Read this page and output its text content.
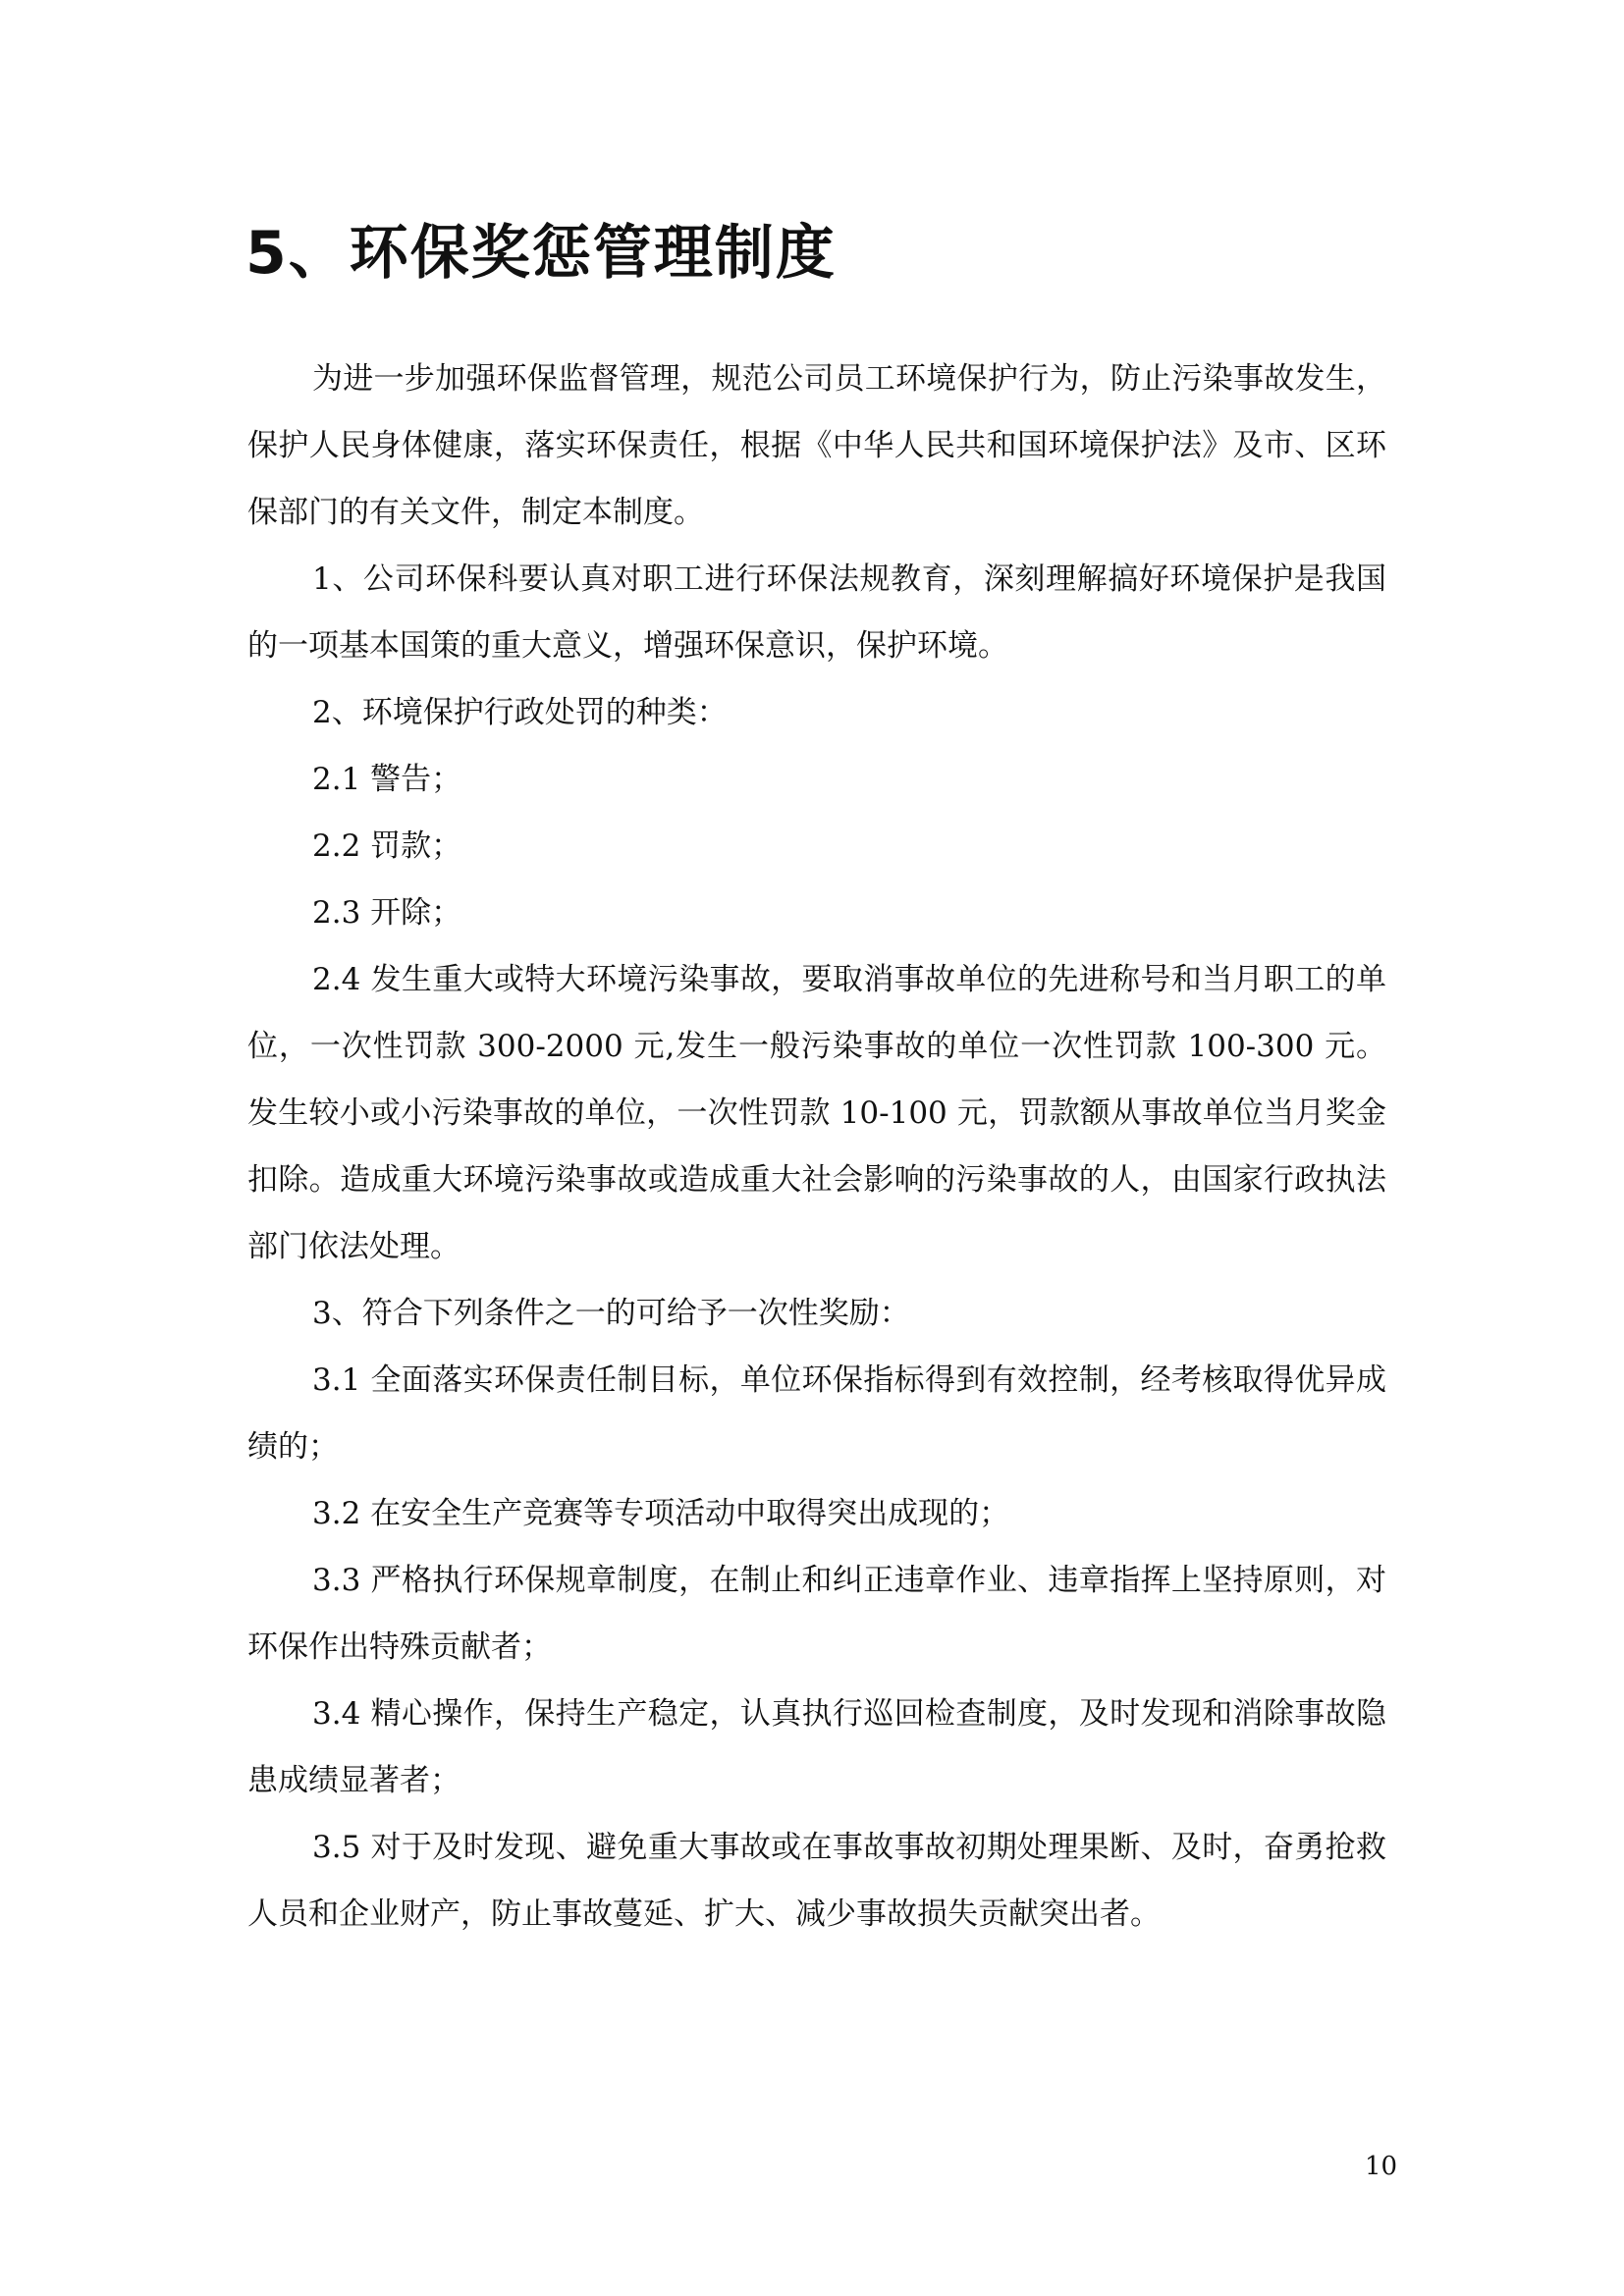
5、环保奖惩管理制度

为进一步加强环保监督管理，规范公司员工环境保护行为，防止污染事故发生，保护人民身体健康，落实环保责任，根据《中华人民共和国环境保护法》及市、区环保部门的有关文件，制定本制度。

1、公司环保科要认真对职工进行环保法规教育，深刻理解搞好环境保护是我国的一项基本国策的重大意义，增强环保意识，保护环境。

2、环境保护行政处罚的种类：

2.1 警告；

2.2 罚款；

2.3 开除；

2.4 发生重大或特大环境污染事故，要取消事故单位的先进称号和当月职工的单位，一次性罚款 300-2000 元,发生一般污染事故的单位一次性罚款 100-300 元。发生较小或小污染事故的单位，一次性罚款 10-100 元，罚款额从事故单位当月奖金扣除。造成重大环境污染事故或造成重大社会影响的污染事故的人，由国家行政执法部门依法处理。

3、符合下列条件之一的可给予一次性奖励：

3.1 全面落实环保责任制目标，单位环保指标得到有效控制，经考核取得优异成绩的；

3.2 在安全生产竞赛等专项活动中取得突出成现的；

3.3 严格执行环保规章制度，在制止和纠正违章作业、违章指挥上坚持原则，对环保作出特殊贡献者；

3.4 精心操作，保持生产稳定，认真执行巡回检查制度，及时发现和消除事故隐患成绩显著者；

3.5 对于及时发现、避免重大事故或在事故事故初期处理果断、及时，奋勇抢救人员和企业财产，防止事故蔓延、扩大、减少事故损失贡献突出者。

10
